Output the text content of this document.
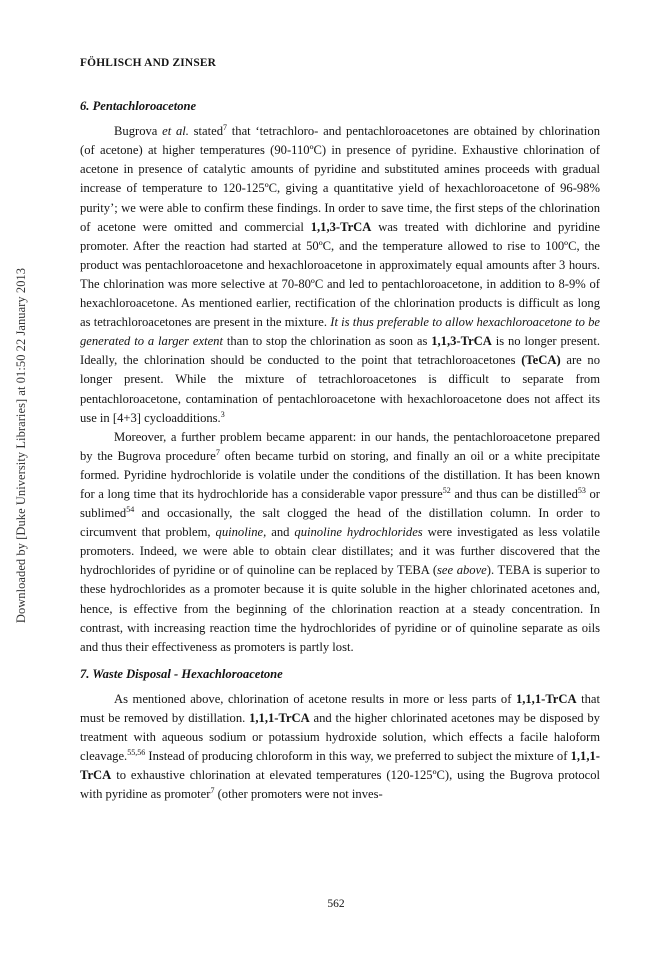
Downloaded by [Duke University Libraries] at 01:50 22 January 2013
FÖHLISCH AND ZINSER
6. Pentachloroacetone

Bugrova et al. stated$^7$ that ‘tetrachloro- and pentachloroacetones are obtained by chlorination (of acetone) at higher temperatures (90-110ºC) in presence of pyridine. Exhaustive chlorination of acetone in presence of catalytic amounts of pyridine and substituted amines proceeds with gradual increase of temperature to 120-125ºC, giving a quantitative yield of hexachloroacetone of 96-98% purity’; we were able to confirm these findings. In order to save time, the first steps of the chlorination of acetone were omitted and commercial 1,1,3-TrCA was treated with dichlorine and pyridine promoter. After the reaction had started at 50ºC, and the temperature allowed to rise to 100ºC, the product was pentachloroacetone and hexachloroacetone in approximately equal amounts after 3 hours. The chlorination was more selective at 70-80ºC and led to pentachloroacetone, in addition to 8-9% of hexachloroacetone. As mentioned earlier, rectification of the chlorination products is difficult as long as tetrachloroacetones are present in the mixture. It is thus preferable to allow hexachloroacetone to be generated to a larger extent than to stop the chlorination as soon as 1,1,3-TrCA is no longer present. Ideally, the chlorination should be conducted to the point that tetrachloroacetones (TeCA) are no longer present. While the mixture of tetrachloroacetones is difficult to separate from pentachloroacetone, contamination of pentachloroacetone with hexachloroacetone does not affect its use in [4+3] cycloadditions.$^3$

Moreover, a further problem became apparent: in our hands, the pentachloroacetone prepared by the Bugrova procedure$^7$ often became turbid on storing, and finally an oil or a white precipitate formed. Pyridine hydrochloride is volatile under the conditions of the distillation. It has been known for a long time that its hydrochloride has a considerable vapor pressure$^{52}$ and thus can be distilled$^{53}$ or sublimed$^{54}$ and occasionally, the salt clogged the head of the distillation column. In order to circumvent that problem, quinoline, and quinoline hydrochlorides were investigated as less volatile promoters. Indeed, we were able to obtain clear distillates; and it was further discovered that the hydrochlorides of pyridine or of quinoline can be replaced by TEBA (see above). TEBA is superior to these hydrochlorides as a promoter because it is quite soluble in the higher chlorinated acetones and, hence, is effective from the beginning of the chlorination reaction at a steady concentration. In contrast, with increasing reaction time the hydrochlorides of pyridine or of quinoline separate as oils and thus their effectiveness as promoters is partly lost.

7. Waste Disposal - Hexachloroacetone

As mentioned above, chlorination of acetone results in more or less parts of 1,1,1-TrCA that must be removed by distillation. 1,1,1-TrCA and the higher chlorinated acetones may be disposed by treatment with aqueous sodium or potassium hydroxide solution, which effects a facile haloform cleavage.$^{55,56}$ Instead of producing chloroform in this way, we preferred to subject the mixture of 1,1,1-TrCA to exhaustive chlorination at elevated temperatures (120-125ºC), using the Bugrova protocol with pyridine as promoter$^7$ (other promoters were not inves-

562
